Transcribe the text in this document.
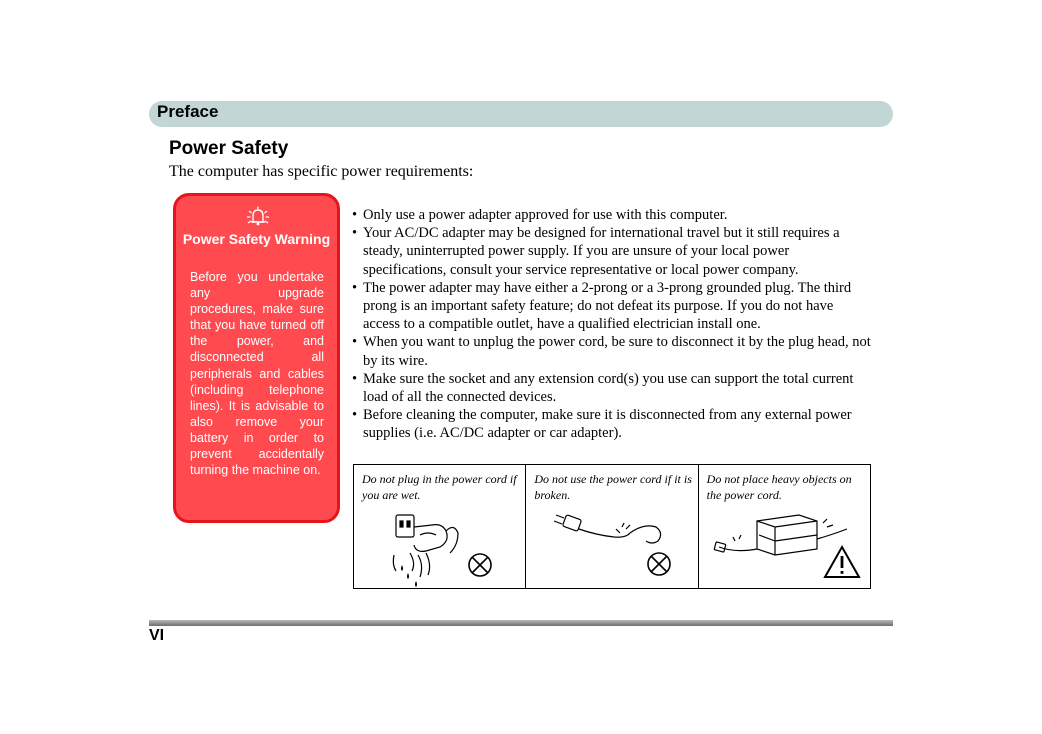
Preface
Power Safety
The computer has specific power requirements:
Power Safety Warning

Before you undertake any upgrade procedures, make sure that you have turned off the power, and disconnected all peripherals and cables (including telephone lines). It is advisable to also remove your battery in order to prevent accidentally turning the machine on.

• Only use a power adapter approved for use with this computer.
• Your AC/DC adapter may be designed for international travel but it still requires a steady, uninterrupted power supply. If you are unsure of your local power specifications, consult your service representative or local power company.
• The power adapter may have either a 2-prong or a 3-prong grounded plug. The third prong is an important safety feature; do not defeat its purpose. If you do not have access to a compatible outlet, have a qualified electrician install one.
• When you want to unplug the power cord, be sure to disconnect it by the plug head, not by its wire.
• Make sure the socket and any extension cord(s) you use can support the total current load of all the connected devices.
• Before cleaning the computer, make sure it is disconnected from any external power supplies (i.e. AC/DC adapter or car adapter).
Do not plug in the power cord if you are wet.
Do not use the power cord if it is broken.
Do not place heavy objects on the power cord.
VI
